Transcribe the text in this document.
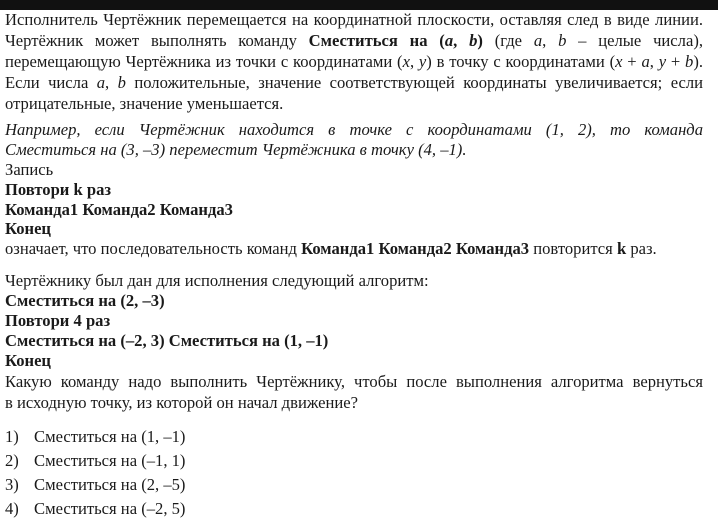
Исполнитель Чертёжник перемещается на координатной плоскости, оставляя след в виде линии.
Чертёжник может выполнять команду Сместиться на (a, b) (где a, b – целые числа),
перемещающую Чертёжника из точки с координатами (x, y) в точку с координатами (x + a, y + b).
Если числа a, b положительные, значение соответствующей координаты увеличивается; если
отрицательные, значение уменьшается.
Например, если Чертёжник находится в точке с координатами (1, 2), то команда
Сместиться на (3, –3) переместит Чертёжника в точку (4, –1).
Запись
Повтори k раз
Команда1 Команда2 Команда3
Конец
означает, что последовательность команд Команда1 Команда2 Команда3 повторится k раз.
Чертёжнику был дан для исполнения следующий алгоритм:
Сместиться на (2, –3)
Повтори 4 раз
Сместиться на (–2, 3) Сместиться на (1, –1)
Конец
Какую команду надо выполнить Чертёжнику, чтобы после выполнения алгоритма вернуться
в исходную точку, из которой он начал движение?
1) Сместиться на (1, –1)
2) Сместиться на (–1, 1)
3) Сместиться на (2, –5)
4) Сместиться на (–2, 5)
